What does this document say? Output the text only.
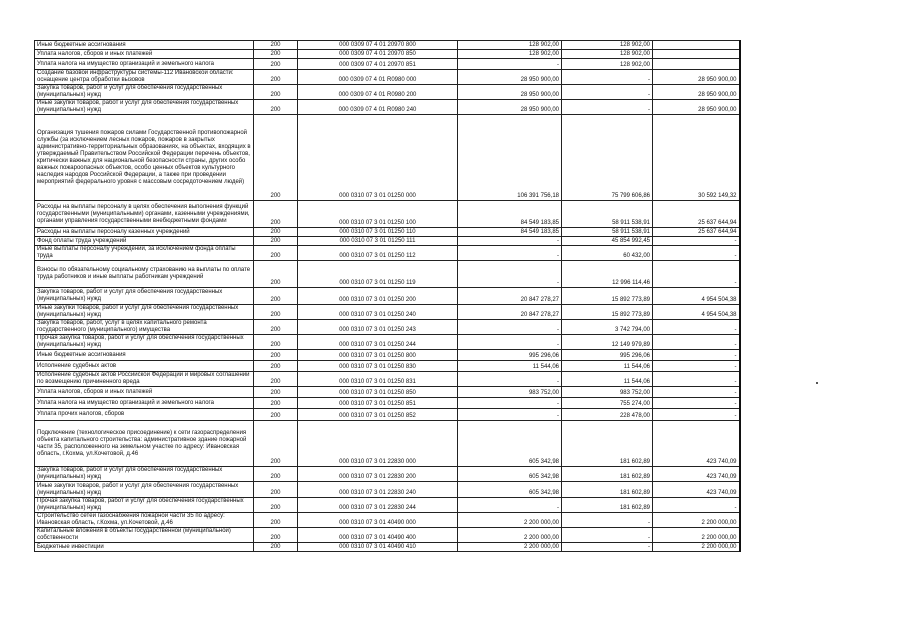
Иные бюджетные ассигнования	200	000 0309 07 4 01 20970 800	128 902,00	128 902,00	
Уплата налогов, сборов и иных платежей	200	000 0309 07 4 01 20970 850	128 902,00	128 902,00	
Уплата налога на имущество организаций и земельного налога	200	000 0309 07 4 01 20970 851	-	128 902,00	
Создание базовой инфраструктуры системы-112 Ивановской области: оснащение центра обработки вызовов	200	000 0309 07 4 01 R0980 000	28 950 900,00	-	28 950 900,00
Закупка товаров, работ и услуг для обеспечения государственных (муниципальных) нужд	200	000 0309 07 4 01 R0980 200	28 950 900,00	-	28 950 900,00
Иные закупки товаров, работ и услуг для обеспечения государственных (муниципальных) нужд	200	000 0309 07 4 01 R0980 240	28 950 900,00	-	28 950 900,00
Организация тушения пожаров силами Государственной противопожарной службы (за исключением лесных пожаров, пожаров в закрытых административно-территориальных образованиях, на объектах, входящих в утверждаемый Правительством Российской Федерации перечень объектов, критически важных для национальной безопасности страны, других особо важных пожароопасных объектов, особо ценных объектов культурного наследия народов Российской Федерации, а также при проведении мероприятий федерального уровня с массовым сосредоточением людей)	200	000 0310 07 3 01 01250 000	106 391 756,18	75 799 606,86	30 592 149,32
Расходы на выплаты персоналу в целях обеспечения выполнения функций государственными (муниципальными) органами, казенными учреждениями, органами управления государственными внебюджетными фондами	200	000 0310 07 3 01 01250 100	84 549 183,85	58 911 538,91	25 637 644,94
Расходы на выплаты персоналу казенных учреждений	200	000 0310 07 3 01 01250 110	84 549 183,85	58 911 538,91	25 637 644,94
Фонд оплаты труда учреждений	200	000 0310 07 3 01 01250 111	-	45 854 992,45	-
Иные выплаты персоналу учреждений, за исключением фонда оплаты труда	200	000 0310 07 3 01 01250 112	-	60 432,00	-
Взносы по обязательному социальному страхованию на выплаты по оплате труда работников и иные выплаты работникам учреждений	200	000 0310 07 3 01 01250 119	-	12 996 114,46	-
Закупка товаров, работ и услуг для обеспечения государственных (муниципальных) нужд	200	000 0310 07 3 01 01250 200	20 847 278,27	15 892 773,89	4 954 504,38
Иные закупки товаров, работ и услуг для обеспечения государственных (муниципальных) нужд	200	000 0310 07 3 01 01250 240	20 847 278,27	15 892 773,89	4 954 504,38
Закупка товаров, работ, услуг в целях капитального ремонта государственного (муниципального) имущества	200	000 0310 07 3 01 01250 243	-	3 742 794,00	-
Прочая закупка товаров, работ и услуг для обеспечения государственных (муниципальных) нужд	200	000 0310 07 3 01 01250 244	-	12 149 979,89	-
Иные бюджетные ассигнования	200	000 0310 07 3 01 01250 800	995 296,06	995 296,06	-
Исполнение судебных актов	200	000 0310 07 3 01 01250 830	11 544,06	11 544,06	-
Исполнение судебных актов Российской Федерации и мировых соглашений по возмещению причиненного вреда	200	000 0310 07 3 01 01250 831	-	11 544,06	-
Уплата налогов, сборов и иных платежей	200	000 0310 07 3 01 01250 850	983 752,00	983 752,00	-
Уплата налога на имущество организаций и земельного налога	200	000 0310 07 3 01 01250 851	-	755 274,00	-
Уплата прочих налогов, сборов	200	000 0310 07 3 01 01250 852	-	228 478,00	-
Подключение (технологическое присоединение) к сети газораспределения объекта капитального строительства: административное здание пожарной части 35, расположенного на земельном участке по адресу: Ивановская область, г.Кохма, ул.Кочетовой, д.46	200	000 0310 07 3 01 22830 000	605 342,98	181 602,89	423 740,09
Закупка товаров, работ и услуг для обеспечения государственных (муниципальных) нужд	200	000 0310 07 3 01 22830 200	605 342,98	181 602,89	423 740,09
Иные закупки товаров, работ и услуг для обеспечения государственных (муниципальных) нужд	200	000 0310 07 3 01 22830 240	605 342,98	181 602,89	423 740,09
Прочая закупка товаров, работ и услуг для обеспечения государственных (муниципальных) нужд	200	000 0310 07 3 01 22830 244	-	181 602,89	-
Строительство сетей газоснабжения пожарной части 35 по адресу: Ивановская область, г.Кохма, ул.Кочетовой, д.46	200	000 0310 07 3 01 40490 000	2 200 000,00	-	2 200 000,00
Капитальные вложения в объекты государственной (муниципальной) собственности	200	000 0310 07 3 01 40490 400	2 200 000,00	-	2 200 000,00
Бюджетные инвестиции	200	000 0310 07 3 01 40490 410	2 200 000,00	-	2 200 000,00
